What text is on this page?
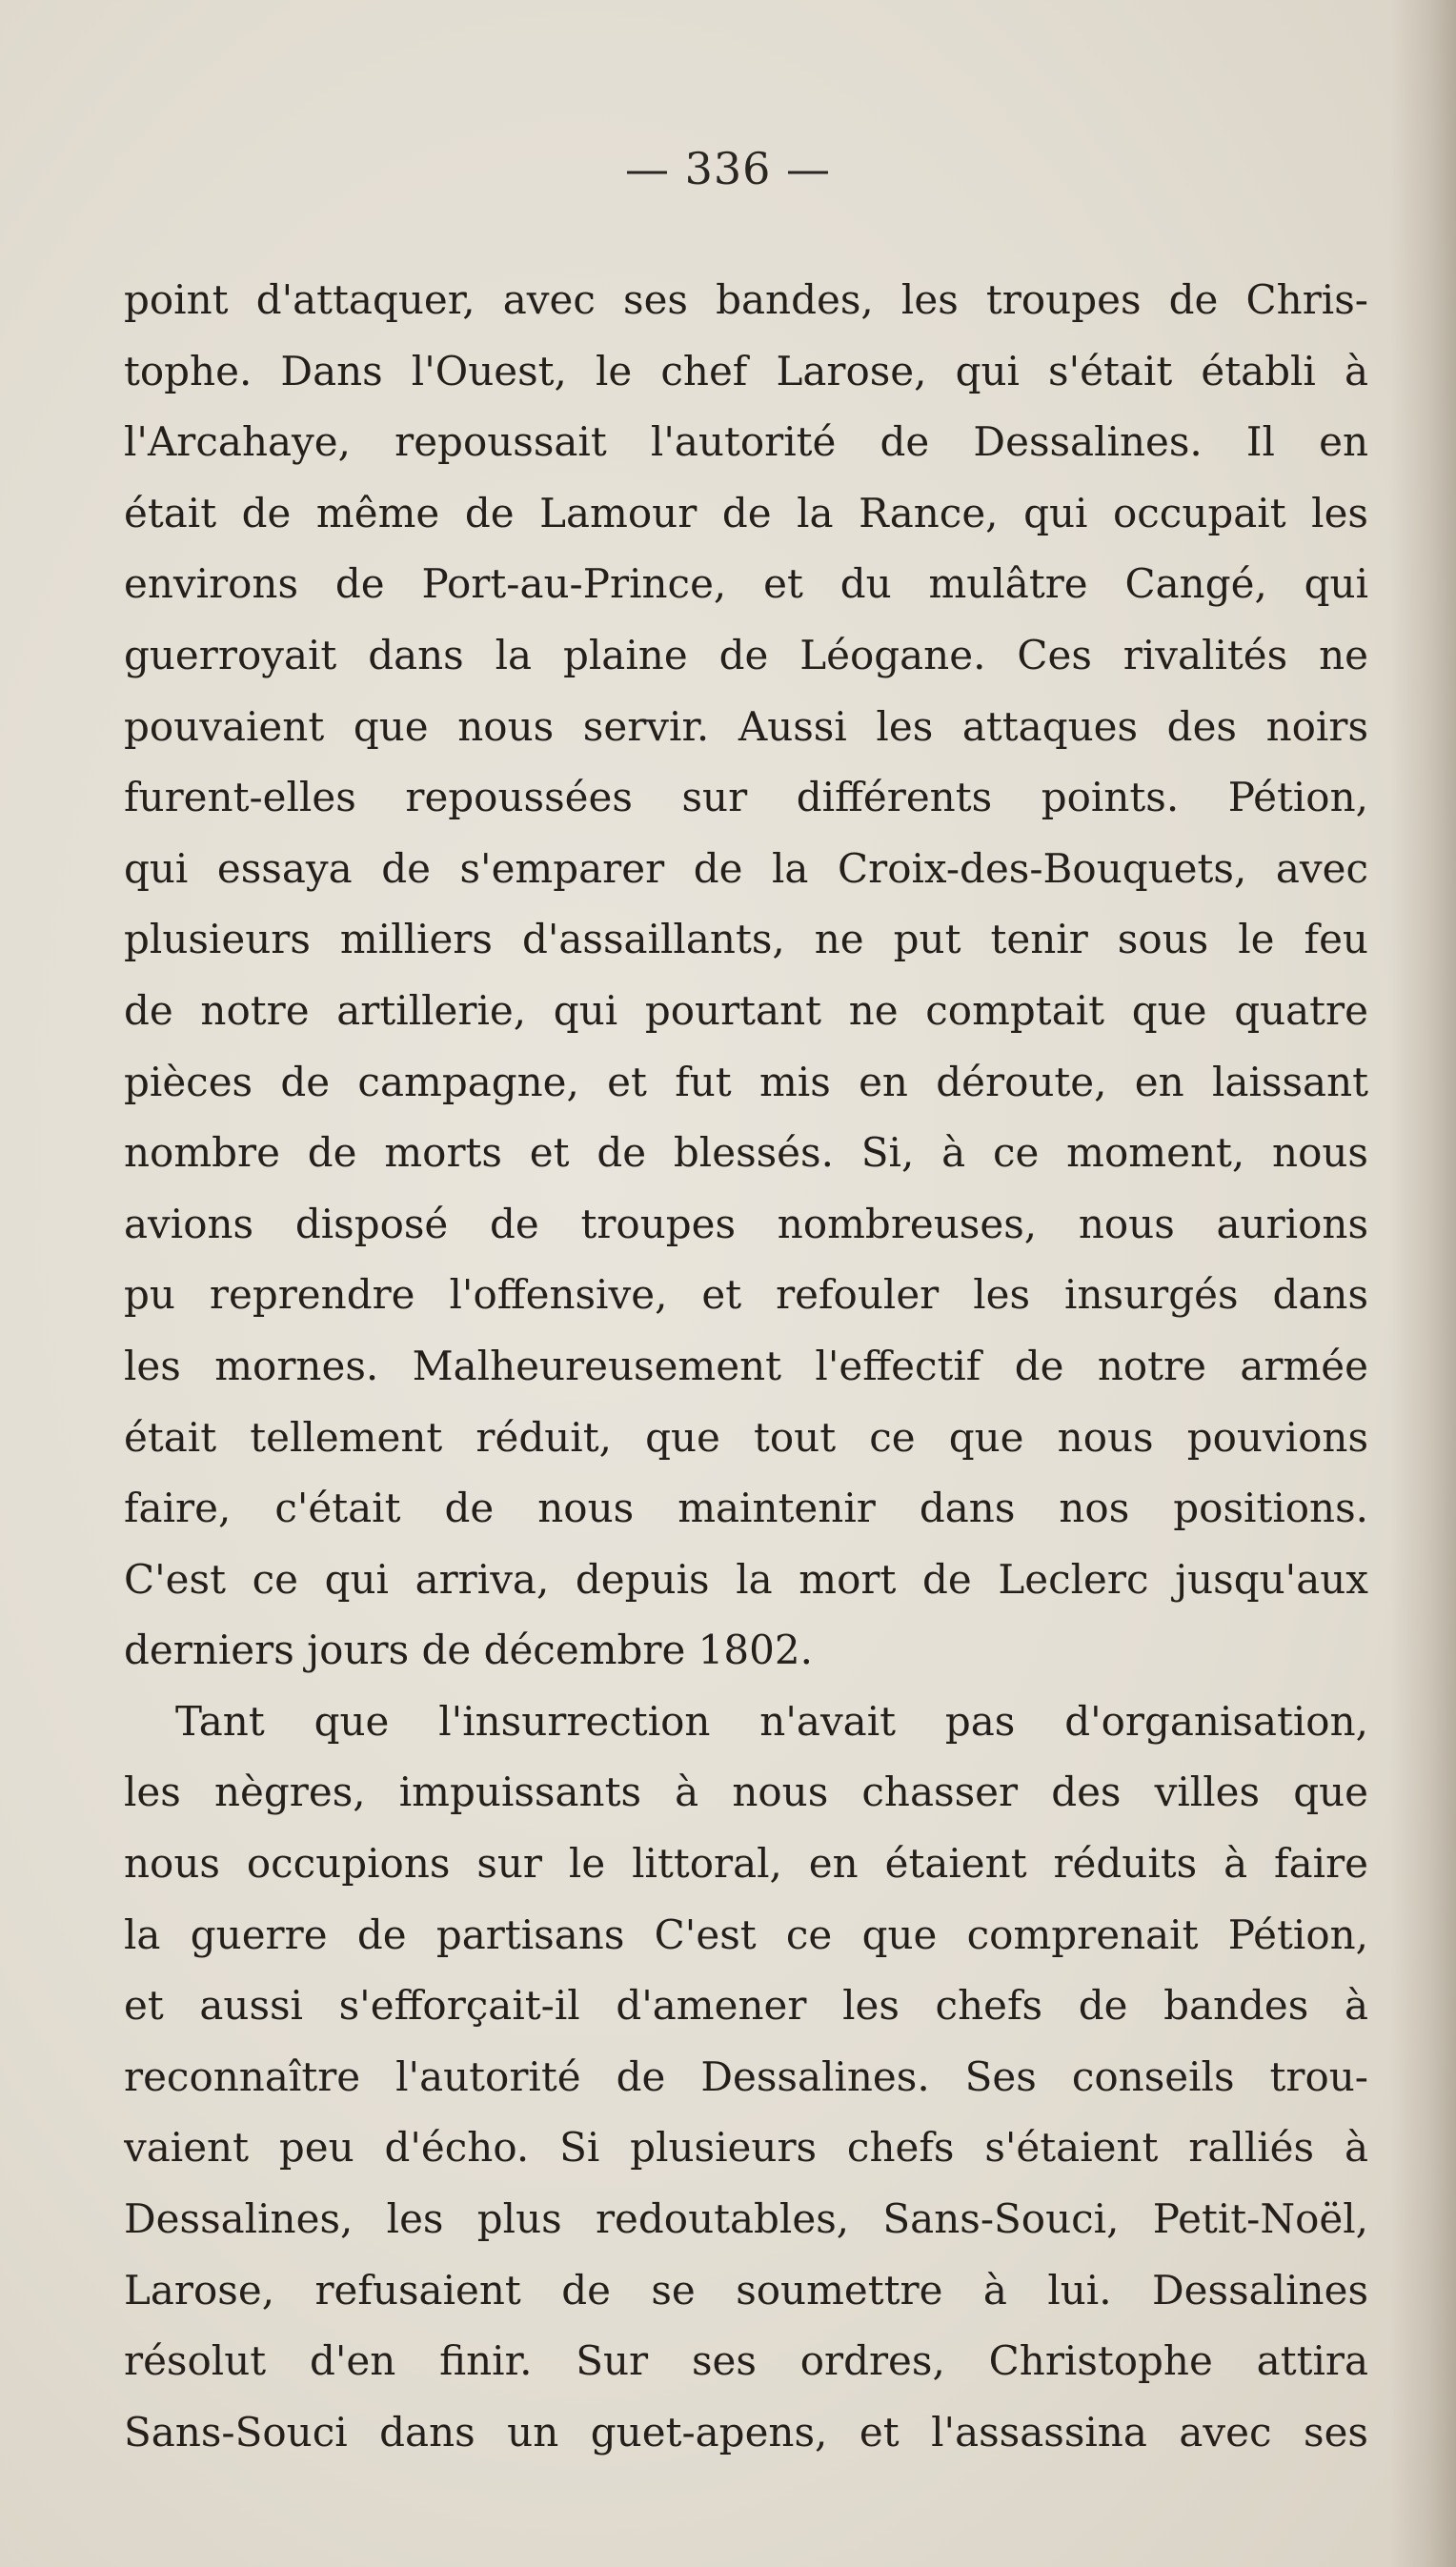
— 336 —
point d'attaquer, avec ses bandes, les troupes de Chris-
tophe. Dans l'Ouest, le chef Larose, qui s'était établi à
l'Arcahaye, repoussait l'autorité de Dessalines. Il en
était de même de Lamour de la Rance, qui occupait les
environs de Port-au-Prince, et du mulâtre Cangé, qui
guerroyait dans la plaine de Léogane. Ces rivalités ne
pouvaient que nous servir. Aussi les attaques des noirs
furent-elles repoussées sur différents points. Pétion,
qui essaya de s'emparer de la Croix-des-Bouquets, avec
plusieurs milliers d'assaillants, ne put tenir sous le feu
de notre artillerie, qui pourtant ne comptait que quatre
pièces de campagne, et fut mis en déroute, en laissant
nombre de morts et de blessés. Si, à ce moment, nous
avions disposé de troupes nombreuses, nous aurions
pu reprendre l'offensive, et refouler les insurgés dans
les mornes. Malheureusement l'effectif de notre armée
était tellement réduit, que tout ce que nous pouvions
faire, c'était de nous maintenir dans nos positions.
C'est ce qui arriva, depuis la mort de Leclerc jusqu'aux
derniers jours de décembre 1802.
Tant que l'insurrection n'avait pas d'organisation,
les nègres, impuissants à nous chasser des villes que
nous occupions sur le littoral, en étaient réduits à faire
la guerre de partisans C'est ce que comprenait Pétion,
et aussi s'efforçait-il d'amener les chefs de bandes à
reconnaître l'autorité de Dessalines. Ses conseils trou-
vaient peu d'écho. Si plusieurs chefs s'étaient ralliés à
Dessalines, les plus redoutables, Sans-Souci, Petit-Noël,
Larose, refusaient de se soumettre à lui. Dessalines
résolut d'en finir. Sur ses ordres, Christophe attira
Sans-Souci dans un guet-apens, et l'assassina avec ses
